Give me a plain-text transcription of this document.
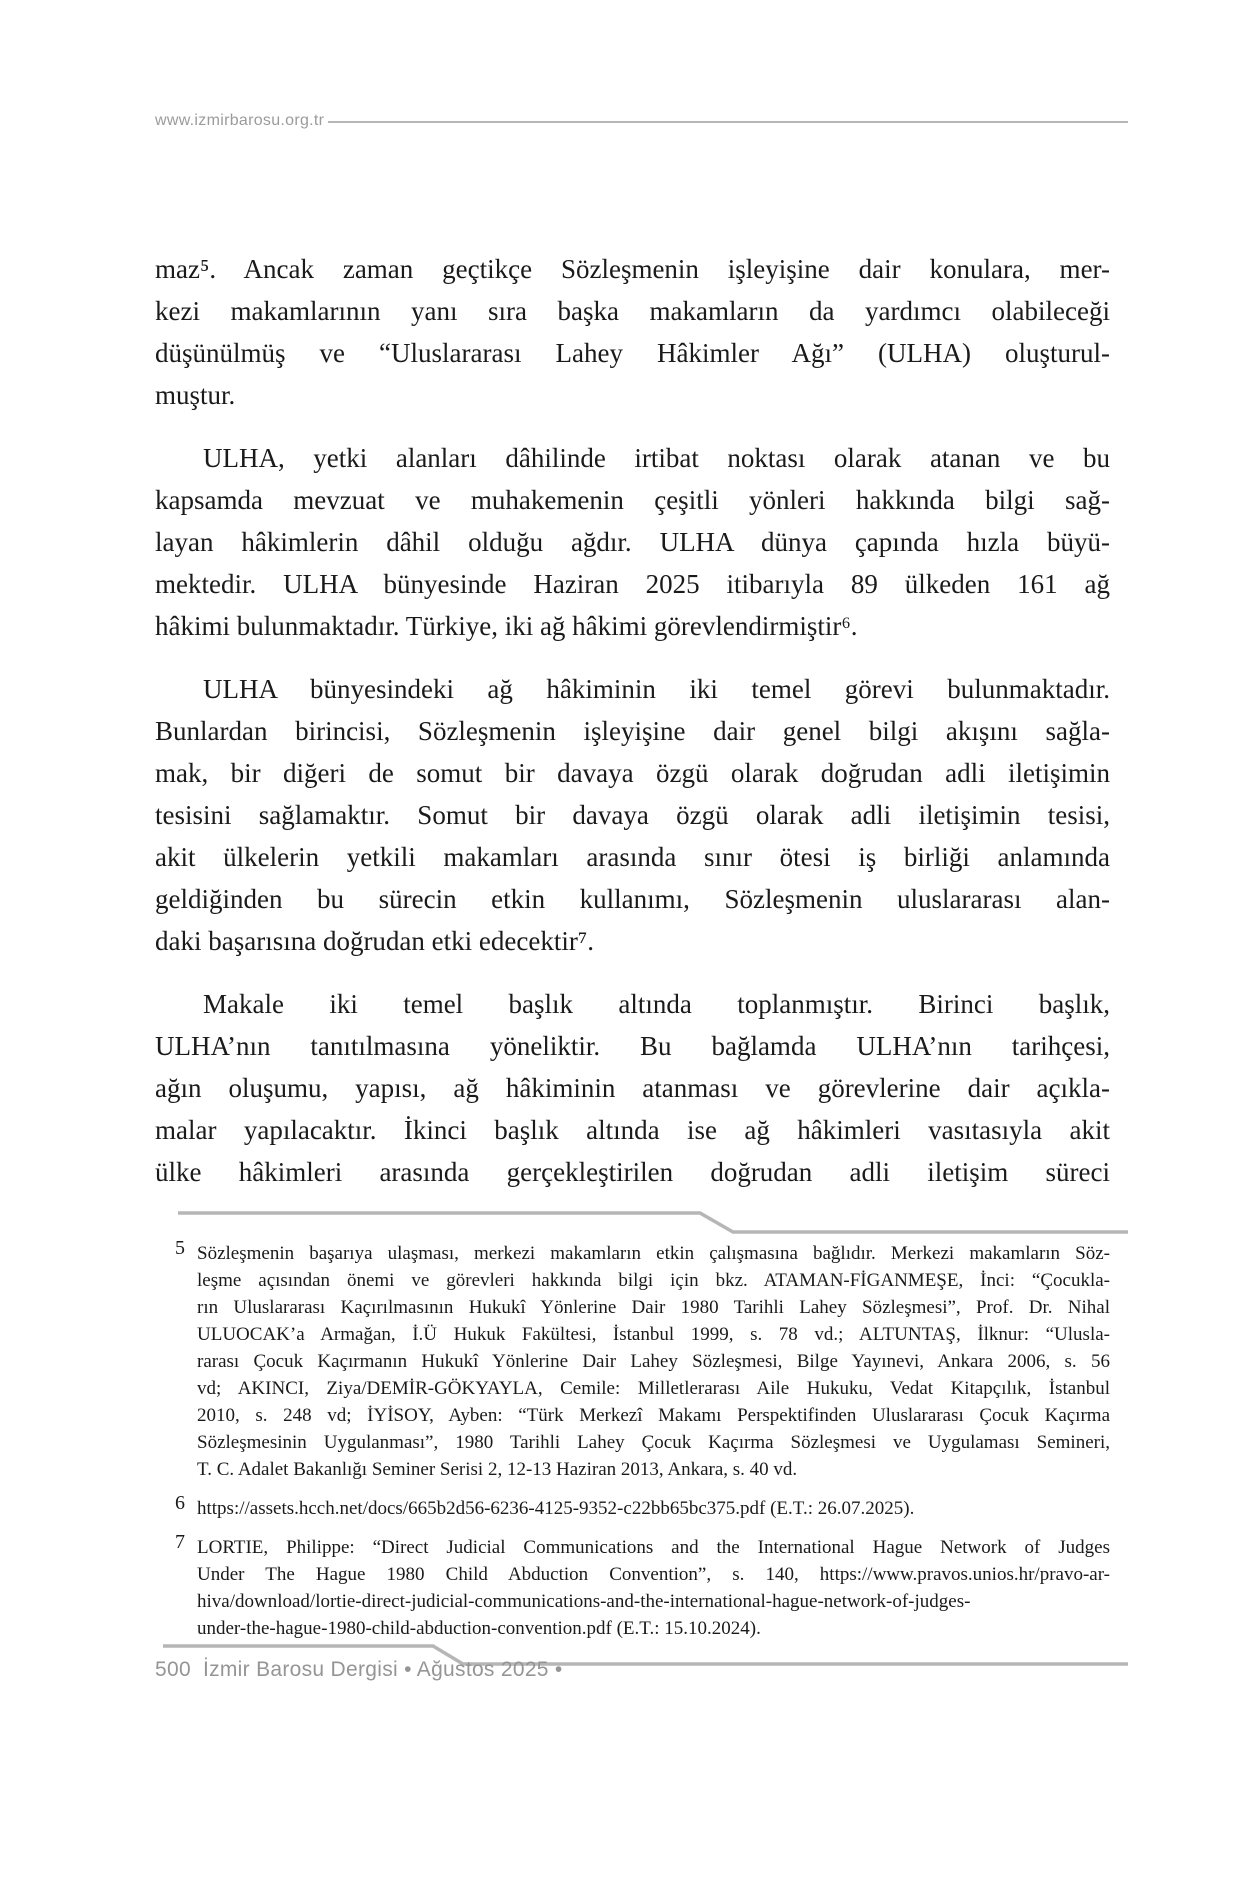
www.izmirbarosu.org.tr
maz⁵. Ancak zaman geçtikçe Sözleşmenin işleyişine dair konulara, mer-
kezi makamlarının yanı sıra başka makamların da yardımcı olabileceği
düşünülmüş ve “Uluslararası Lahey Hâkimler Ağı” (ULHA) oluşturul-
muştur.
ULHA, yetki alanları dâhilinde irtibat noktası olarak atanan ve bu
kapsamda mevzuat ve muhakemenin çeşitli yönleri hakkında bilgi sağ-
layan hâkimlerin dâhil olduğu ağdır. ULHA dünya çapında hızla büyü-
mektedir. ULHA bünyesinde Haziran 2025 itibarıyla 89 ülkeden 161 ağ
hâkimi bulunmaktadır. Türkiye, iki ağ hâkimi görevlendirmiştir⁶.
ULHA bünyesindeki ağ hâkiminin iki temel görevi bulunmaktadır.
Bunlardan birincisi, Sözleşmenin işleyişine dair genel bilgi akışını sağla-
mak, bir diğeri de somut bir davaya özgü olarak doğrudan adli iletişimin
tesisini sağlamaktır. Somut bir davaya özgü olarak adli iletişimin tesisi,
akit ülkelerin yetkili makamları arasında sınır ötesi iş birliği anlamında
geldiğinden bu sürecin etkin kullanımı, Sözleşmenin uluslararası alan-
daki başarısına doğrudan etki edecektir⁷.
Makale iki temel başlık altında toplanmıştır. Birinci başlık,
ULHA’nın tanıtılmasına yöneliktir. Bu bağlamda ULHA’nın tarihçesi,
ağın oluşumu, yapısı, ağ hâkiminin atanması ve görevlerine dair açıkla-
malar yapılacaktır. İkinci başlık altında ise ağ hâkimleri vasıtasıyla akit
ülke hâkimleri arasında gerçekleştirilen doğrudan adli iletişim süreci
5 Sözleşmenin başarıya ulaşması, merkezi makamların etkin çalışmasına bağlıdır. Merkezi makamların Söz-
leşme açısından önemi ve görevleri hakkında bilgi için bkz. ATAMAN-FİGANMEŞE, İnci: “Çocukla-
rın Uluslararası Kaçırılmasının Hukukî Yönlerine Dair 1980 Tarihli Lahey Sözleşmesi”, Prof. Dr. Nihal
ULUOCAK’a Armağan, İ.Ü Hukuk Fakültesi, İstanbul 1999, s. 78 vd.; ALTUNTAŞ, İlknur: “Ulusla-
rarası Çocuk Kaçırmanın Hukukî Yönlerine Dair Lahey Sözleşmesi, Bilge Yayınevi, Ankara 2006, s. 56
vd; AKINCI, Ziya/DEMİR-GÖKYAYLA, Cemile: Milletlerarası Aile Hukuku, Vedat Kitapçılık, İstanbul
2010, s. 248 vd; İYİSOY, Ayben: “Türk Merkezî Makamı Perspektifinden Uluslararası Çocuk Kaçırma
Sözleşmesinin Uygulanması”, 1980 Tarihli Lahey Çocuk Kaçırma Sözleşmesi ve Uygulaması Semineri,
T. C. Adalet Bakanlığı Seminer Serisi 2, 12-13 Haziran 2013, Ankara, s. 40 vd.
6 https://assets.hcch.net/docs/665b2d56-6236-4125-9352-c22bb65bc375.pdf (E.T.: 26.07.2025).
7 LORTIE, Philippe: “Direct Judicial Communications and the International Hague Network of Judges
Under The Hague 1980 Child Abduction Convention”, s. 140, https://www.pravos.unios.hr/pravo-ar-
hiva/download/lortie-direct-judicial-communications-and-the-international-hague-network-of-judges-
under-the-hague-1980-child-abduction-convention.pdf (E.T.: 15.10.2024).
500 İzmir Barosu Dergisi • Ağustos 2025 •
